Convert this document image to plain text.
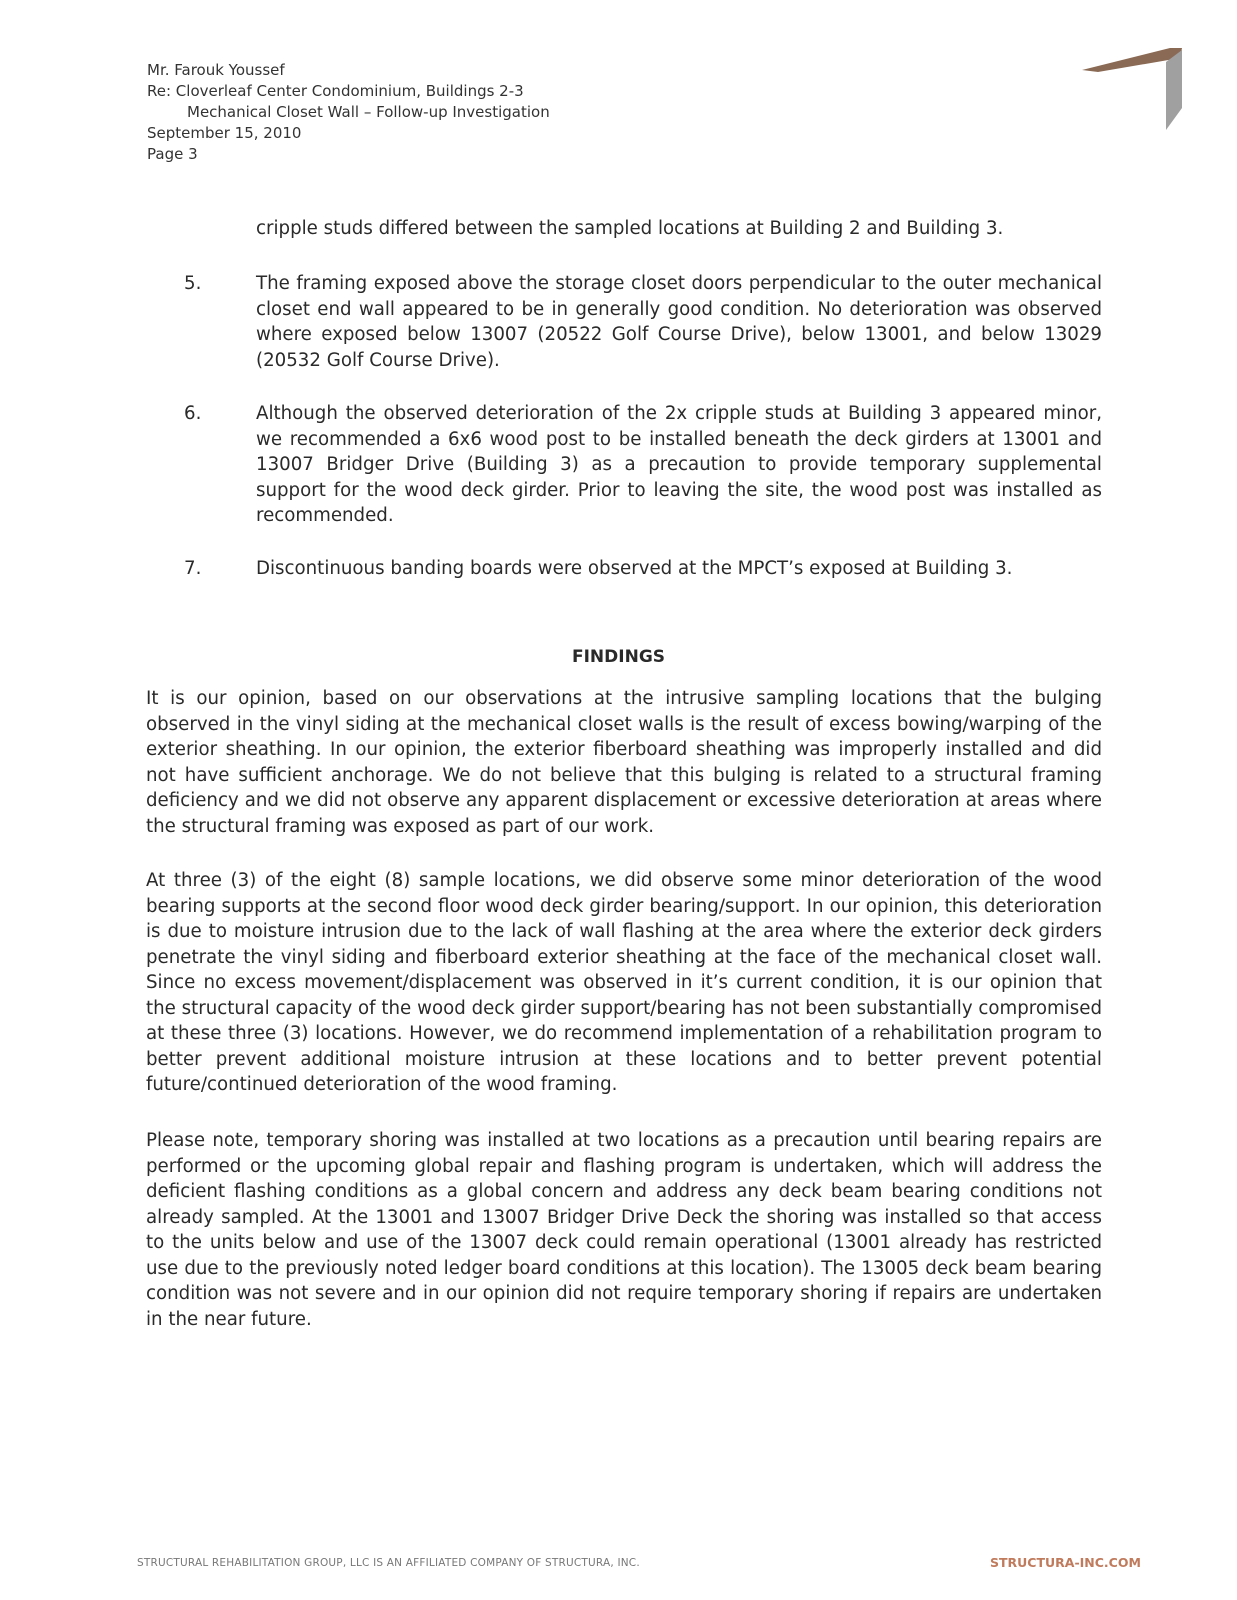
Mr. Farouk Youssef
Re: Cloverleaf Center Condominium, Buildings 2-3
Mechanical Closet Wall – Follow-up Investigation
September 15, 2010
Page 3

cripple studs differed between the sampled locations at Building 2 and Building 3.

5.	The framing exposed above the storage closet doors perpendicular to the outer mechanical closet end wall appeared to be in generally good condition. No deterioration was observed where exposed below 13007 (20522 Golf Course Drive), below 13001, and below 13029 (20532 Golf Course Drive).

6.	Although the observed deterioration of the 2x cripple studs at Building 3 appeared minor, we recommended a 6x6 wood post to be installed beneath the deck girders at 13001 and 13007 Bridger Drive (Building 3) as a precaution to provide temporary supplemental support for the wood deck girder. Prior to leaving the site, the wood post was installed as recommended.

7.	Discontinuous banding boards were observed at the MPCT’s exposed at Building 3.

FINDINGS

It is our opinion, based on our observations at the intrusive sampling locations that the bulging observed in the vinyl siding at the mechanical closet walls is the result of excess bowing/warping of the exterior sheathing. In our opinion, the exterior fiberboard sheathing was improperly installed and did not have sufficient anchorage. We do not believe that this bulging is related to a structural framing deficiency and we did not observe any apparent displacement or excessive deterioration at areas where the structural framing was exposed as part of our work.

At three (3) of the eight (8) sample locations, we did observe some minor deterioration of the wood bearing supports at the second floor wood deck girder bearing/support. In our opinion, this deterioration is due to moisture intrusion due to the lack of wall flashing at the area where the exterior deck girders penetrate the vinyl siding and fiberboard exterior sheathing at the face of the mechanical closet wall. Since no excess movement/displacement was observed in it’s current condition, it is our opinion that the structural capacity of the wood deck girder support/bearing has not been substantially compromised at these three (3) locations. However, we do recommend implementation of a rehabilitation program to better prevent additional moisture intrusion at these locations and to better prevent potential future/continued deterioration of the wood framing.

Please note, temporary shoring was installed at two locations as a precaution until bearing repairs are performed or the upcoming global repair and flashing program is undertaken, which will address the deficient flashing conditions as a global concern and address any deck beam bearing conditions not already sampled. At the 13001 and 13007 Bridger Drive Deck the shoring was installed so that access to the units below and use of the 13007 deck could remain operational (13001 already has restricted use due to the previously noted ledger board conditions at this location). The 13005 deck beam bearing condition was not severe and in our opinion did not require temporary shoring if repairs are undertaken in the near future.

STRUCTURAL REHABILITATION GROUP, LLC IS AN AFFILIATED COMPANY OF STRUCTURA, INC.	STRUCTURA-INC.COM
